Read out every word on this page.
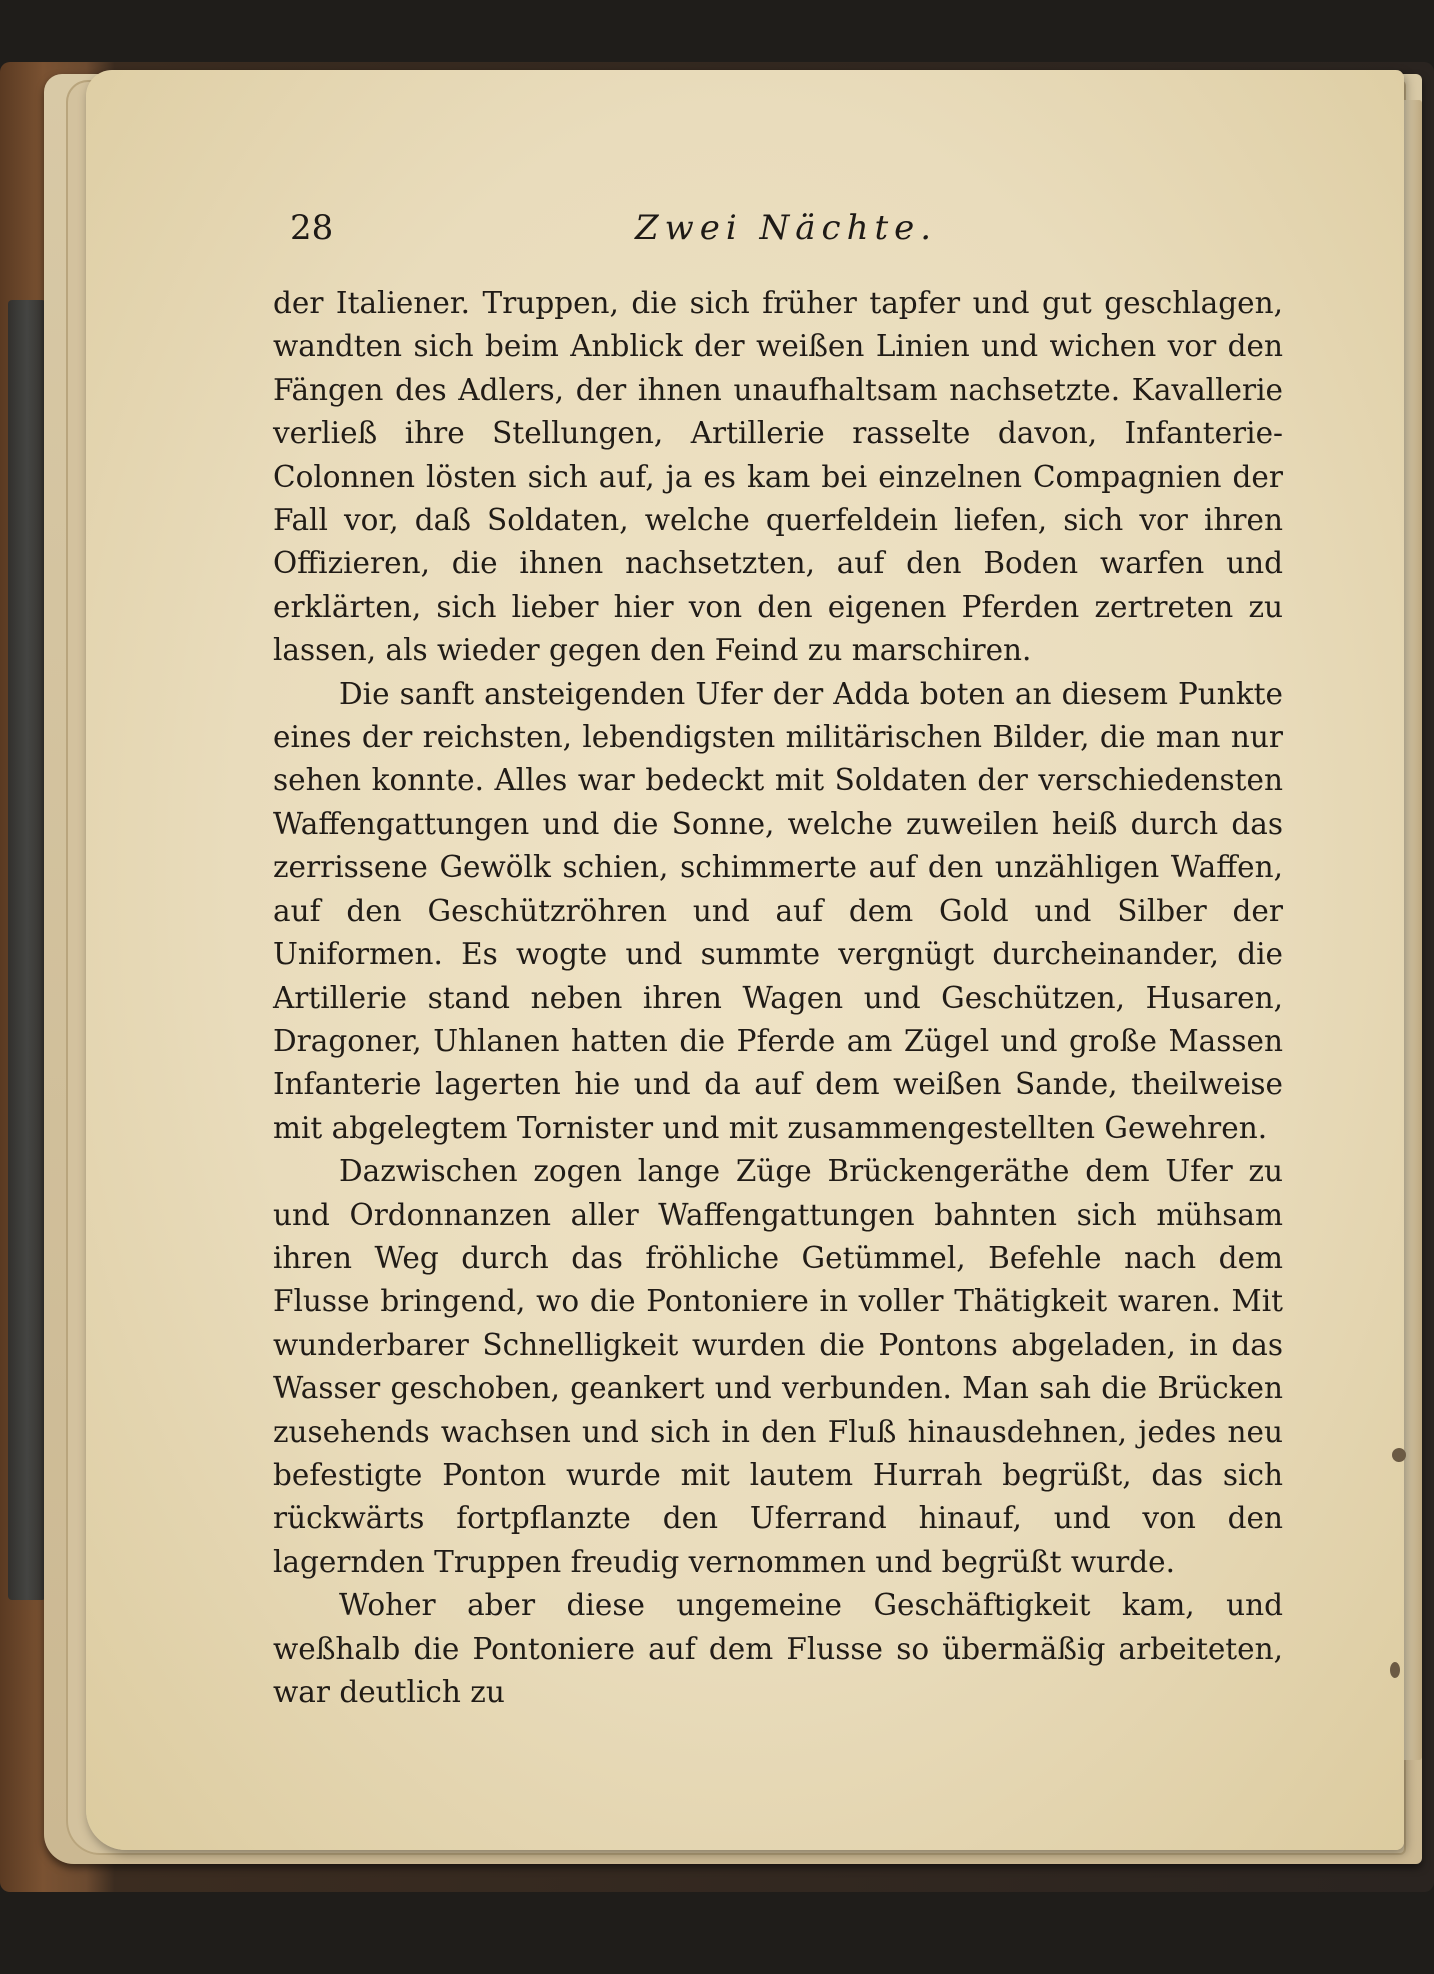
28	Zwei Nächte.

der Italiener. Truppen, die sich früher tapfer und gut geschlagen, wandten sich beim Anblick der weißen Linien und wichen vor den Fängen des Adlers, der ihnen unaufhaltsam nachsetzte. Kavallerie verließ ihre Stellungen, Artillerie rasselte davon, Infanterie-Colonnen lösten sich auf, ja es kam bei einzelnen Compagnien der Fall vor, daß Soldaten, welche querfeldein liefen, sich vor ihren Offizieren, die ihnen nachsetzten, auf den Boden warfen und erklärten, sich lieber hier von den eigenen Pferden zertreten zu lassen, als wieder gegen den Feind zu marschiren.

Die sanft ansteigenden Ufer der Adda boten an diesem Punkte eines der reichsten, lebendigsten militärischen Bilder, die man nur sehen konnte. Alles war bedeckt mit Soldaten der verschiedensten Waffengattungen und die Sonne, welche zuweilen heiß durch das zerrissene Gewölk schien, schimmerte auf den unzähligen Waffen, auf den Geschützröhren und auf dem Gold und Silber der Uniformen. Es wogte und summte vergnügt durcheinander, die Artillerie stand neben ihren Wagen und Geschützen, Husaren, Dragoner, Uhlanen hatten die Pferde am Zügel und große Massen Infanterie lagerten hie und da auf dem weißen Sande, theilweise mit abgelegtem Tornister und mit zusammengestellten Gewehren.

Dazwischen zogen lange Züge Brückengeräthe dem Ufer zu und Ordonnanzen aller Waffengattungen bahnten sich mühsam ihren Weg durch das fröhliche Getümmel, Befehle nach dem Flusse bringend, wo die Pontoniere in voller Thätigkeit waren. Mit wunderbarer Schnelligkeit wurden die Pontons abgeladen, in das Wasser geschoben, geankert und verbunden. Man sah die Brücken zusehends wachsen und sich in den Fluß hinausdehnen, jedes neu befestigte Ponton wurde mit lautem Hurrah begrüßt, das sich rückwärts fortpflanzte den Uferrand hinauf, und von den lagernden Truppen freudig vernommen und begrüßt wurde.

Woher aber diese ungemeine Geschäftigkeit kam, und weßhalb die Pontoniere auf dem Flusse so übermäßig arbeiteten, war deutlich zu
